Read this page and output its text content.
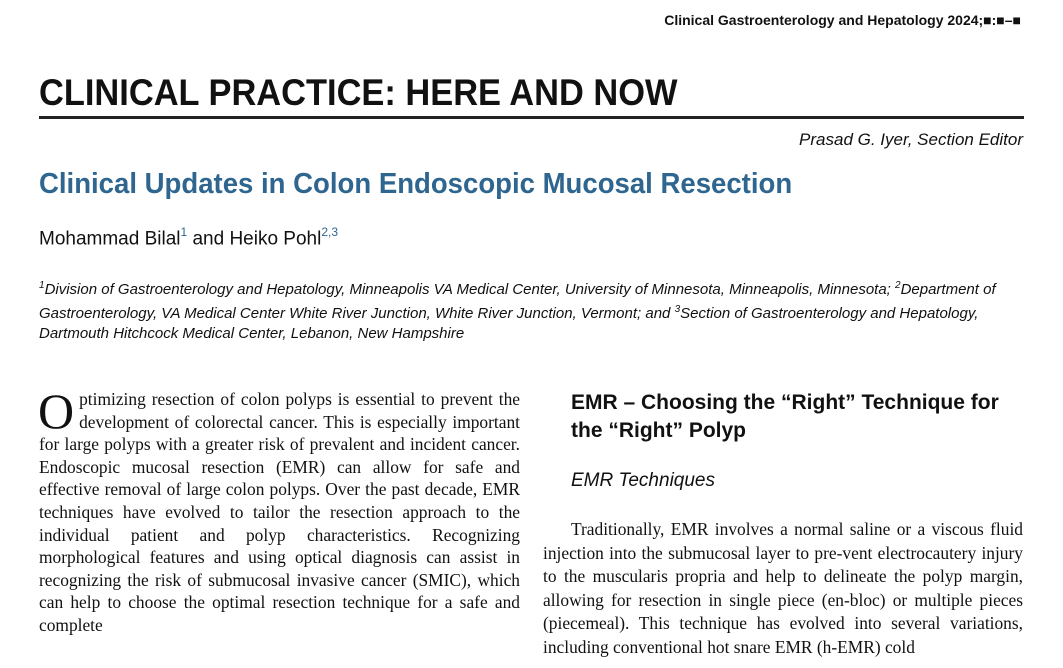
Clinical Gastroenterology and Hepatology 2024;■:■–■
CLINICAL PRACTICE: HERE AND NOW
Prasad G. Iyer, Section Editor
Clinical Updates in Colon Endoscopic Mucosal Resection
Mohammad Bilal$^1$ and Heiko Pohl$^{2,3}$
$^1$Division of Gastroenterology and Hepatology, Minneapolis VA Medical Center, University of Minnesota, Minneapolis, Minnesota; $^2$Department of Gastroenterology, VA Medical Center White River Junction, White River Junction, Vermont; and $^3$Section of Gastroenterology and Hepatology, Dartmouth Hitchcock Medical Center, Lebanon, New Hampshire
Optimizing resection of colon polyps is essential to prevent the development of colorectal cancer. This is especially important for large polyps with a greater risk of prevalent and incident cancer. Endoscopic mucosal resection (EMR) can allow for safe and effective removal of large colon polyps. Over the past decade, EMR techniques have evolved to tailor the resection approach to the individual patient and polyp characteristics. Recognizing morphological features and using optical diagnosis can assist in recognizing the risk of submucosal invasive cancer (SMIC), which can help to choose the optimal resection technique for a safe and complete
EMR – Choosing the “Right” Technique for the “Right” Polyp
EMR Techniques
Traditionally, EMR involves a normal saline or a viscous fluid injection into the submucosal layer to pre-vent electrocautery injury to the muscularis propria and help to delineate the polyp margin, allowing for resection in single piece (en-bloc) or multiple pieces (piecemeal). This technique has evolved into several variations, including conventional hot snare EMR (h-EMR) cold
